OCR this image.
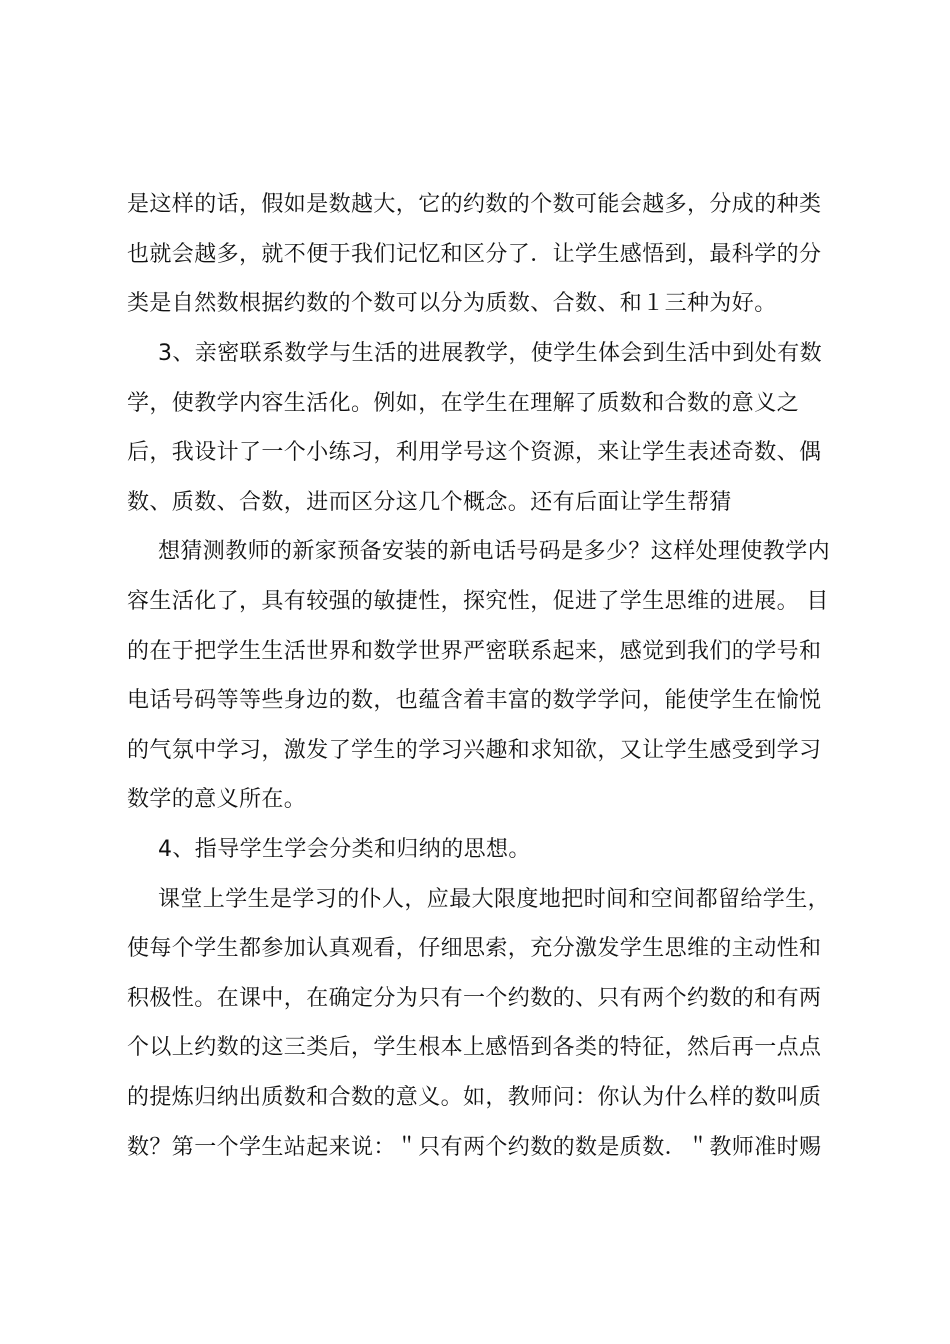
是这样的话，假如是数越大，它的约数的个数可能会越多，分成的种类
也就会越多，就不便于我们记忆和区分了．让学生感悟到，最科学的分
类是自然数根据约数的个数可以分为质数、合数、和１三种为好。
3、亲密联系数学与生活的进展教学，使学生体会到生活中到处有数
学，使教学内容生活化。例如，在学生在理解了质数和合数的意义之
后，我设计了一个小练习，利用学号这个资源，来让学生表述奇数、偶
数、质数、合数，进而区分这几个概念。还有后面让学生帮猜
想猜测教师的新家预备安装的新电话号码是多少？这样处理使教学内
容生活化了，具有较强的敏捷性，探究性，促进了学生思维的进展。 目
的在于把学生生活世界和数学世界严密联系起来，感觉到我们的学号和
电话号码等等些身边的数，也蕴含着丰富的数学学问，能使学生在愉悦
的气氛中学习，激发了学生的学习兴趣和求知欲，又让学生感受到学习
数学的意义所在。
4、指导学生学会分类和归纳的思想。
课堂上学生是学习的仆人，应最大限度地把时间和空间都留给学生，
使每个学生都参加认真观看，仔细思索，充分激发学生思维的主动性和
积极性。在课中，在确定分为只有一个约数的、只有两个约数的和有两
个以上约数的这三类后，学生根本上感悟到各类的特征，然后再一点点
的提炼归纳出质数和合数的意义。如，教师问：你认为什么样的数叫质
数？第一个学生站起来说：＂只有两个约数的数是质数．＂教师准时赐
